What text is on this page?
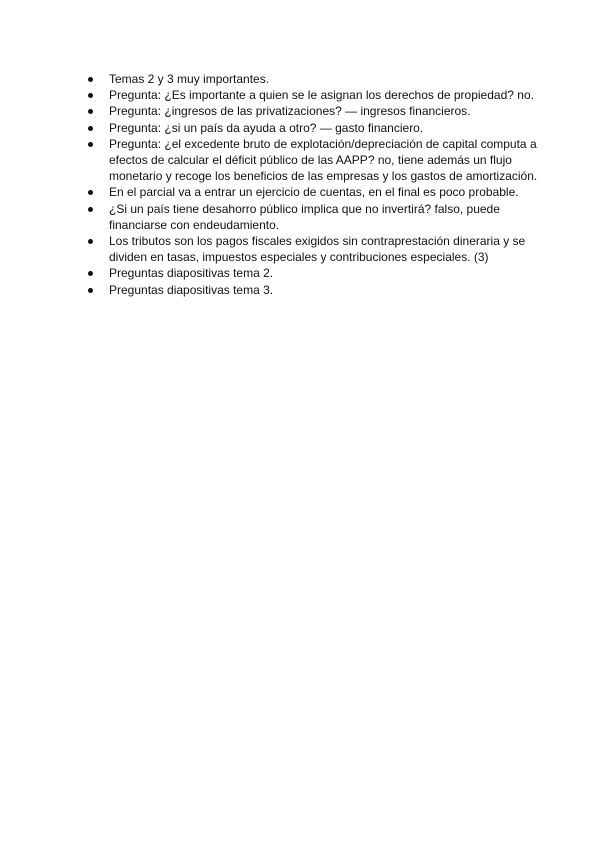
Temas 2 y 3 muy importantes.
Pregunta: ¿Es importante a quien se le asignan los derechos de propiedad? no.
Pregunta: ¿ingresos de las privatizaciones? — ingresos financieros.
Pregunta: ¿si un país da ayuda a otro? — gasto financiero.
Pregunta: ¿el excedente bruto de explotación/depreciación de capital computa a efectos de calcular el déficit público de las AAPP? no, tiene además un flujo monetario y recoge los beneficios de las empresas y los gastos de amortización.
En el parcial va a entrar un ejercicio de cuentas, en el final es poco probable.
¿Si un país tiene desahorro público implica que no invertirá? falso, puede financiarse con endeudamiento.
Los tributos son los pagos fiscales exigidos sin contraprestación dineraria y se dividen en tasas, impuestos especiales y contribuciones especiales. (3)
Preguntas diapositivas tema 2.
Preguntas diapositivas tema 3.
